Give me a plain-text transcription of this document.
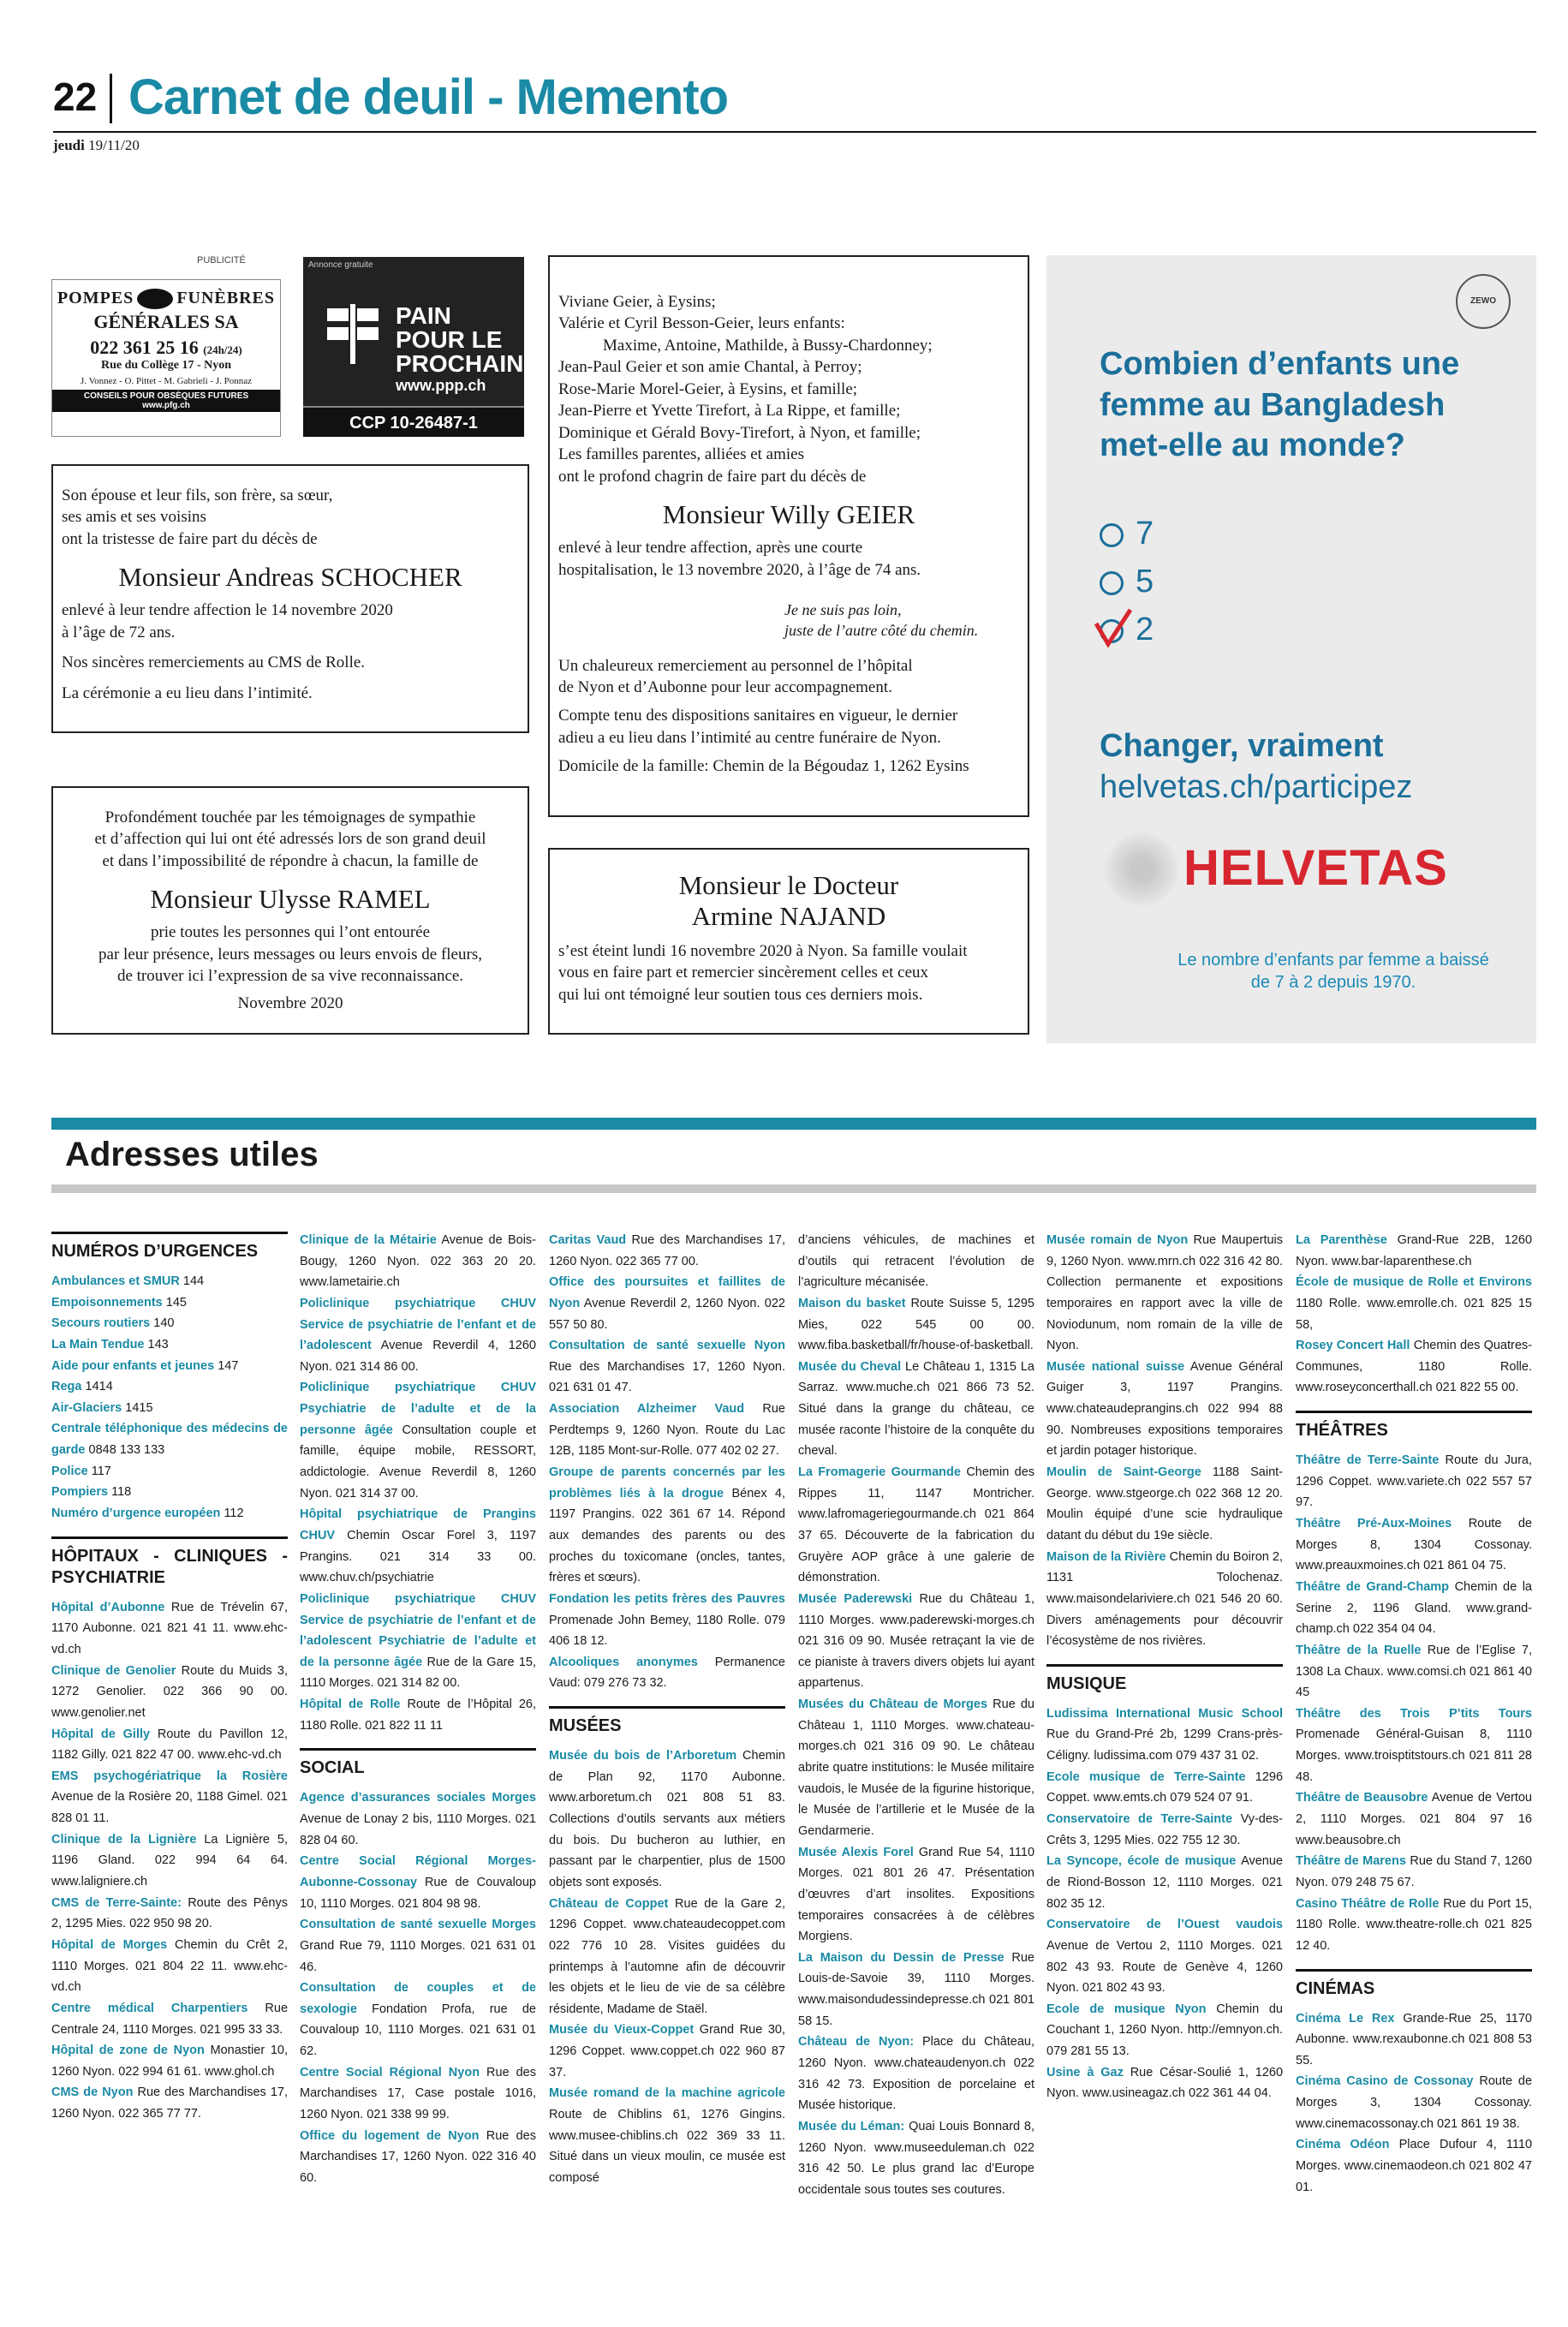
22 Carnet de deuil - Memento
jeudi 19/11/20
PUBLICITÉ
POMPES	FUNÈBRES
GÉNÉRALES SA
022 361 25 16 (24h/24)
Rue du Collège 17 - Nyon
J. Vonnez - O. Pittet - M. Gabrieli - J. Ponnaz
CONSEILS POUR OBSÈQUES FUTURES
www.pfg.ch
Annonce gratuite
PAIN POUR LE PROCHAIN
www.ppp.ch
CCP 10-26487-1

Son épouse et leur fils, son frère, sa sœur,

ses amis et ses voisins

ont la tristesse de faire part du décès de

Monsieur Andreas SCHOCHER

enlevé à leur tendre affection le 14 novembre 2020

à l’âge de 72 ans.

Nos sincères remerciements au CMS de Rolle.

La cérémonie a eu lieu dans l’intimité.

Profondément touchée par les témoignages de sympathie

et d’affection qui lui ont été adressés lors de son grand deuil

et dans l’impossibilité de répondre à chacun, la famille de

Monsieur Ulysse RAMEL

prie toutes les personnes qui l’ont entourée

par leur présence, leurs messages ou leurs envois de fleurs,

de trouver ici l’expression de sa vive reconnaissance.

Novembre 2020

Viviane Geier, à Eysins;

Valérie et Cyril Besson-Geier, leurs enfants:

Maxime, Antoine, Mathilde, à Bussy-Chardonney;

Jean-Paul Geier et son amie Chantal, à Perroy;

Rose-Marie Morel-Geier, à Eysins, et famille;

Jean-Pierre et Yvette Tirefort, à La Rippe, et famille;

Dominique et Gérald Bovy-Tirefort, à Nyon, et famille;

Les familles parentes, alliées et amies

ont le profond chagrin de faire part du décès de

Monsieur Willy GEIER

enlevé à leur tendre affection, après une courte

hospitalisation, le 13 novembre 2020, à l’âge de 74 ans.

Je ne suis pas loin,
juste de l’autre côté du chemin.

Un chaleureux remerciement au personnel de l’hôpital

de Nyon et d’Aubonne pour leur accompagnement.

Compte tenu des dispositions sanitaires en vigueur, le dernier

adieu a eu lieu dans l’intimité au centre funéraire de Nyon.

Domicile de la famille: Chemin de la Bégoudaz 1, 1262 Eysins

Monsieur le Docteur
Armine NAJAND

s’est éteint lundi 16 novembre 2020 à Nyon. Sa famille voulait

vous en faire part et remercier sincèrement celles et ceux

qui lui ont témoigné leur soutien tous ces derniers mois.

ZEWO
Combien d’enfants une femme au Bangladesh met-elle au monde?
7
5
2
Changer, vraiment
helvetas.ch/participez
HELVETAS
Le nombre d’enfants par femme a baissé de 7 à 2 depuis 1970.
Adresses utiles
NUMÉROS D’URGENCES
Ambulances et SMUR 144
Empoisonnements 145
Secours routiers 140
La Main Tendue 143
Aide pour enfants et jeunes 147
Rega 1414
Air-Glaciers 1415
Centrale téléphonique des médecins de garde 0848 133 133
Police 117
Pompiers 118
Numéro d’urgence européen 112
HÔPITAUX - CLINIQUES - PSYCHIATRIE
Hôpital d’Aubonne Rue de Trévelin 67, 1170 Aubonne. 021 821 41 11. www.ehc-vd.ch
Clinique de Genolier Route du Muids 3, 1272 Genolier. 022 366 90 00. www.genolier.net
Hôpital de Gilly Route du Pavillon 12, 1182 Gilly. 021 822 47 00. www.ehc-vd.ch
EMS psychogériatrique la Rosière Avenue de la Rosière 20, 1188 Gimel. 021 828 01 11.
Clinique de la Lignière La Lignière 5, 1196 Gland. 022 994 64 64. www.laligniere.ch
CMS de Terre-Sainte: Route des Pênys 2, 1295 Mies. 022 950 98 20.
Hôpital de Morges Chemin du Crêt 2, 1110 Morges. 021 804 22 11. www.ehc-vd.ch
Centre médical Charpentiers Rue Centrale 24, 1110 Morges. 021 995 33 33.
Hôpital de zone de Nyon Monastier 10, 1260 Nyon. 022 994 61 61. www.ghol.ch
CMS de Nyon Rue des Marchandises 17, 1260 Nyon. 022 365 77 77.
Clinique de la Métairie Avenue de Bois-Bougy, 1260 Nyon. 022 363 20 20. www.lametairie.ch
Policlinique psychiatrique CHUV Service de psychiatrie de l’enfant et de l’adolescent Avenue Reverdil 4, 1260 Nyon. 021 314 86 00.
Policlinique psychiatrique CHUV Psychiatrie de l’adulte et de la personne âgée Consultation couple et famille, équipe mobile, RESSORT, addictologie. Avenue Reverdil 8, 1260 Nyon. 021 314 37 00.
Hôpital psychiatrique de Prangins CHUV Chemin Oscar Forel 3, 1197 Prangins. 021 314 33 00. www.chuv.ch/psychiatrie
Policlinique psychiatrique CHUV Service de psychiatrie de l’enfant et de l’adolescent Psychiatrie de l’adulte et de la personne âgée Rue de la Gare 15, 1110 Morges. 021 314 82 00.
Hôpital de Rolle Route de l’Hôpital 26, 1180 Rolle. 021 822 11 11
SOCIAL
Agence d’assurances sociales Morges Avenue de Lonay 2 bis, 1110 Morges. 021 828 04 60.
Centre Social Régional Morges-Aubonne-Cossonay Rue de Couvaloup 10, 1110 Morges. 021 804 98 98.
Consultation de santé sexuelle Morges Grand Rue 79, 1110 Morges. 021 631 01 46.
Consultation de couples et de sexologie Fondation Profa, rue de Couvaloup 10, 1110 Morges. 021 631 01 62.
Centre Social Régional Nyon Rue des Marchandises 17, Case postale 1016, 1260 Nyon. 021 338 99 99.
Office du logement de Nyon Rue des Marchandises 17, 1260 Nyon. 022 316 40 60.
Caritas Vaud Rue des Marchandises 17, 1260 Nyon. 022 365 77 00.
Office des poursuites et faillites de Nyon Avenue Reverdil 2, 1260 Nyon. 022 557 50 80.
Consultation de santé sexuelle Nyon Rue des Marchandises 17, 1260 Nyon. 021 631 01 47.
Association Alzheimer Vaud Rue Perdtemps 9, 1260 Nyon. Route du Lac 12B, 1185 Mont-sur-Rolle. 077 402 02 27.
Groupe de parents concernés par les problèmes liés à la drogue Bénex 4, 1197 Prangins. 022 361 67 14. Répond aux demandes des parents ou des proches du toxicomane (oncles, tantes, frères et sœurs).
Fondation les petits frères des Pauvres Promenade John Bemey, 1180 Rolle. 079 406 18 12.
Alcooliques anonymes Permanence Vaud: 079 276 73 32.
MUSÉES
Musée du bois de l’Arboretum Chemin de Plan 92, 1170 Aubonne. www.arboretum.ch 021 808 51 83. Collections d’outils servants aux métiers du bois. Du bucheron au luthier, en passant par le charpentier, plus de 1500 objets sont exposés.
Château de Coppet Rue de la Gare 2, 1296 Coppet. www.chateaudecoppet.com 022 776 10 28. Visites guidées du printemps à l’automne afin de découvrir les objets et le lieu de vie de sa célèbre résidente, Madame de Staël.
Musée du Vieux-Coppet Grand Rue 30, 1296 Coppet. www.coppet.ch 022 960 87 37.
Musée romand de la machine agricole Route de Chiblins 61, 1276 Gingins. www.musee-chiblins.ch 022 369 33 11. Situé dans un vieux moulin, ce musée est composé
d’anciens véhicules, de machines et d’outils qui retracent l’évolution de l’agriculture mécanisée.
Maison du basket Route Suisse 5, 1295 Mies, 022 545 00 00. www.fiba.basketball/fr/house-of-basketball.
Musée du Cheval Le Château 1, 1315 La Sarraz. www.muche.ch 021 866 73 52. Situé dans la grange du château, ce musée raconte l’histoire de la conquête du cheval.
La Fromagerie Gourmande Chemin des Rippes 11, 1147 Montricher. www.lafromageriegourmande.ch 021 864 37 65. Découverte de la fabrication du Gruyère AOP grâce à une galerie de démonstration.
Musée Paderewski Rue du Château 1, 1110 Morges. www.paderewski-morges.ch 021 316 09 90. Musée retraçant la vie de ce pianiste à travers divers objets lui ayant appartenus.
Musées du Château de Morges Rue du Château 1, 1110 Morges. www.chateau-morges.ch 021 316 09 90. Le château abrite quatre institutions: le Musée militaire vaudois, le Musée de la figurine historique, le Musée de l’artillerie et le Musée de la Gendarmerie.
Musée Alexis Forel Grand Rue 54, 1110 Morges. 021 801 26 47. Présentation d’œuvres d’art insolites. Expositions temporaires consacrées à de célèbres Morgiens.
La Maison du Dessin de Presse Rue Louis-de-Savoie 39, 1110 Morges. www.maisondudessindepresse.ch 021 801 58 15.
Château de Nyon: Place du Château, 1260 Nyon. www.chateaudenyon.ch 022 316 42 73. Exposition de porcelaine et Musée historique.
Musée du Léman: Quai Louis Bonnard 8, 1260 Nyon. www.museeduleman.ch 022 316 42 50. Le plus grand lac d’Europe occidentale sous toutes ses coutures.
Musée romain de Nyon Rue Maupertuis 9, 1260 Nyon. www.mrn.ch 022 316 42 80. Collection permanente et expositions temporaires en rapport avec la ville de Noviodunum, nom romain de la ville de Nyon.
Musée national suisse Avenue Général Guiger 3, 1197 Prangins. www.chateaudeprangins.ch 022 994 88 90. Nombreuses expositions temporaires et jardin potager historique.
Moulin de Saint-George 1188 Saint-George. www.stgeorge.ch 022 368 12 20. Moulin équipé d’une scie hydraulique datant du début du 19e siècle.
Maison de la Rivière Chemin du Boiron 2, 1131 Tolochenaz. www.maisondelariviere.ch 021 546 20 60. Divers aménagements pour découvrir l’écosystème de nos rivières.
MUSIQUE
Ludissima International Music School Rue du Grand-Pré 2b, 1299 Crans-près-Céligny. ludissima.com 079 437 31 02.
Ecole musique de Terre-Sainte 1296 Coppet. www.emts.ch 079 524 07 91.
Conservatoire de Terre-Sainte Vy-des-Crêts 3, 1295 Mies. 022 755 12 30.
La Syncope, école de musique Avenue de Riond-Bosson 12, 1110 Morges. 021 802 35 12.
Conservatoire de l’Ouest vaudois Avenue de Vertou 2, 1110 Morges. 021 802 43 93. Route de Genève 4, 1260 Nyon. 021 802 43 93.
Ecole de musique Nyon Chemin du Couchant 1, 1260 Nyon. http://emnyon.ch. 079 281 55 13.
Usine à Gaz Rue César-Soulié 1, 1260 Nyon. www.usineagaz.ch 022 361 44 04.
La Parenthèse Grand-Rue 22B, 1260 Nyon. www.bar-laparenthese.ch
École de musique de Rolle et Environs 1180 Rolle. www.emrolle.ch. 021 825 15 58,
Rosey Concert Hall Chemin des Quatres-Communes, 1180 Rolle. www.roseyconcerthall.ch 021 822 55 00.
THÉÂTRES
Théâtre de Terre-Sainte Route du Jura, 1296 Coppet. www.variete.ch 022 557 57 97.
Théâtre Pré-Aux-Moines Route de Morges 8, 1304 Cossonay. www.preauxmoines.ch 021 861 04 75.
Théâtre de Grand-Champ Chemin de la Serine 2, 1196 Gland. www.grand-champ.ch 022 354 04 04.
Théâtre de la Ruelle Rue de l’Eglise 7, 1308 La Chaux. www.comsi.ch 021 861 40 45
Théâtre des Trois P’tits Tours Promenade Général-Guisan 8, 1110 Morges. www.troisptitstours.ch 021 811 28 48.
Théâtre de Beausobre Avenue de Vertou 2, 1110 Morges. 021 804 97 16 www.beausobre.ch
Théâtre de Marens Rue du Stand 7, 1260 Nyon. 079 248 75 67.
Casino Théâtre de Rolle Rue du Port 15, 1180 Rolle. www.theatre-rolle.ch 021 825 12 40.
CINÉMAS
Cinéma Le Rex Grande-Rue 25, 1170 Aubonne. www.rexaubonne.ch 021 808 53 55.
Cinéma Casino de Cossonay Route de Morges 3, 1304 Cossonay. www.cinemacossonay.ch 021 861 19 38.
Cinéma Odéon Place Dufour 4, 1110 Morges. www.cinemaodeon.ch 021 802 47 01.
